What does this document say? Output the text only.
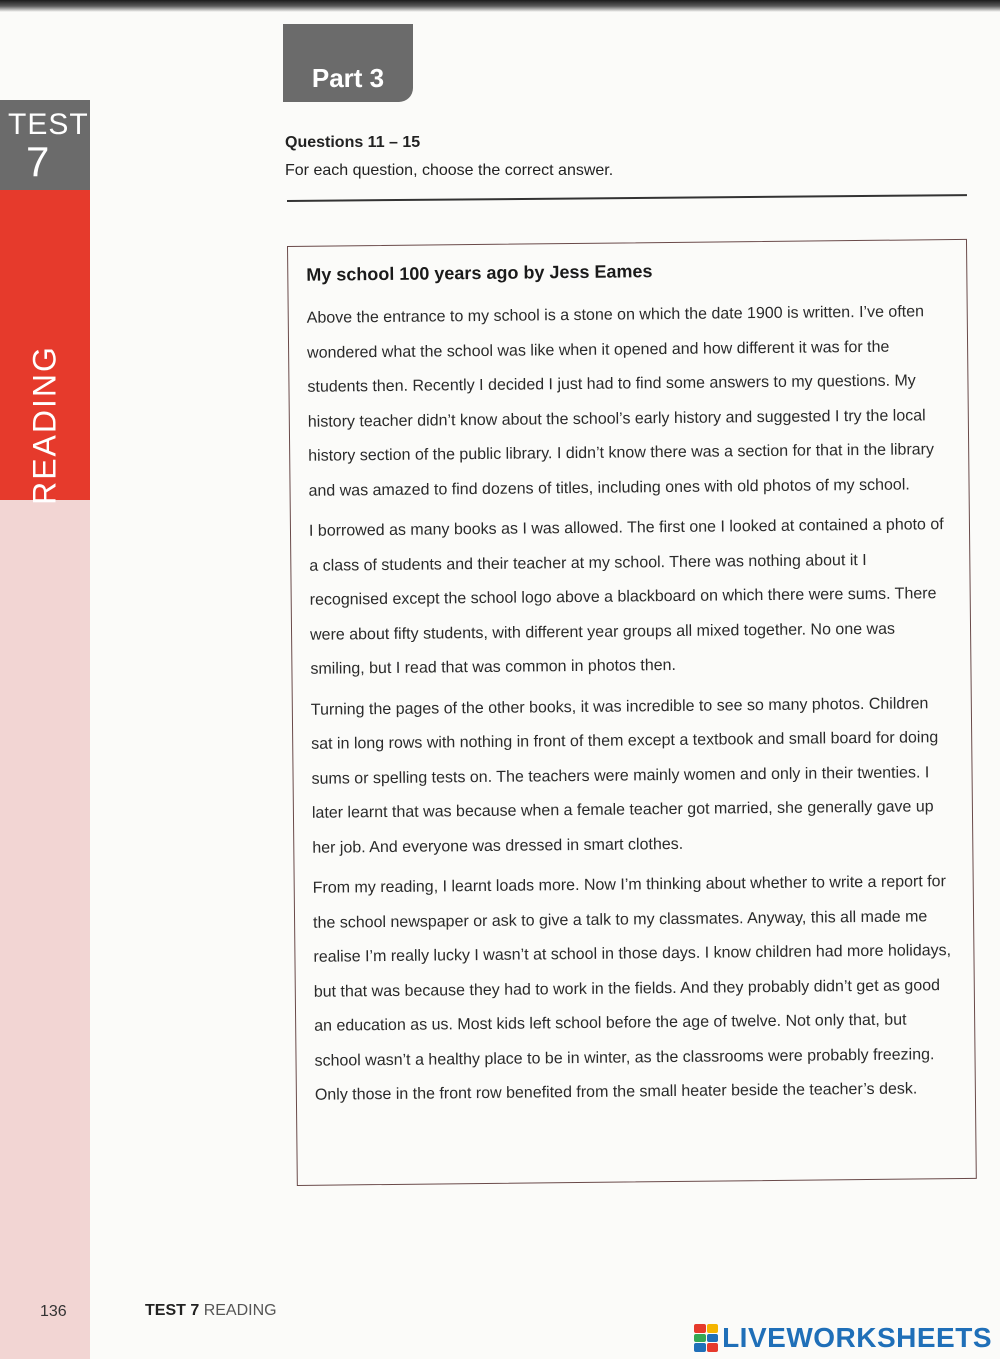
TEST
7
READING
Part 3
Questions 11 – 15
For each question, choose the correct answer.
My school 100 years ago by Jess Eames

Above the entrance to my school is a stone on which the date 1900 is written. I’ve often wondered what the school was like when it opened and how different it was for the students then. Recently I decided I just had to find some answers to my questions. My history teacher didn’t know about the school’s early history and suggested I try the local history section of the public library. I didn’t know there was a section for that in the library and was amazed to find dozens of titles, including ones with old photos of my school.

I borrowed as many books as I was allowed. The first one I looked at contained a photo of a class of students and their teacher at my school. There was nothing about it I recognised except the school logo above a blackboard on which there were sums. There were about fifty students, with different year groups all mixed together. No one was smiling, but I read that was common in photos then.

Turning the pages of the other books, it was incredible to see so many photos. Children sat in long rows with nothing in front of them except a textbook and small board for doing sums or spelling tests on. The teachers were mainly women and only in their twenties. I later learnt that was because when a female teacher got married, she generally gave up her job. And everyone was dressed in smart clothes.

From my reading, I learnt loads more. Now I’m thinking about whether to write a report for the school newspaper or ask to give a talk to my classmates. Anyway, this all made me realise I’m really lucky I wasn’t at school in those days. I know children had more holidays, but that was because they had to work in the fields. And they probably didn’t get as good an education as us. Most kids left school before the age of twelve. Not only that, but school wasn’t a healthy place to be in winter, as the classrooms were probably freezing. Only those in the front row benefited from the small heater beside the teacher’s desk.

136	TEST 7 READING
LIVEWORKSHEETS
